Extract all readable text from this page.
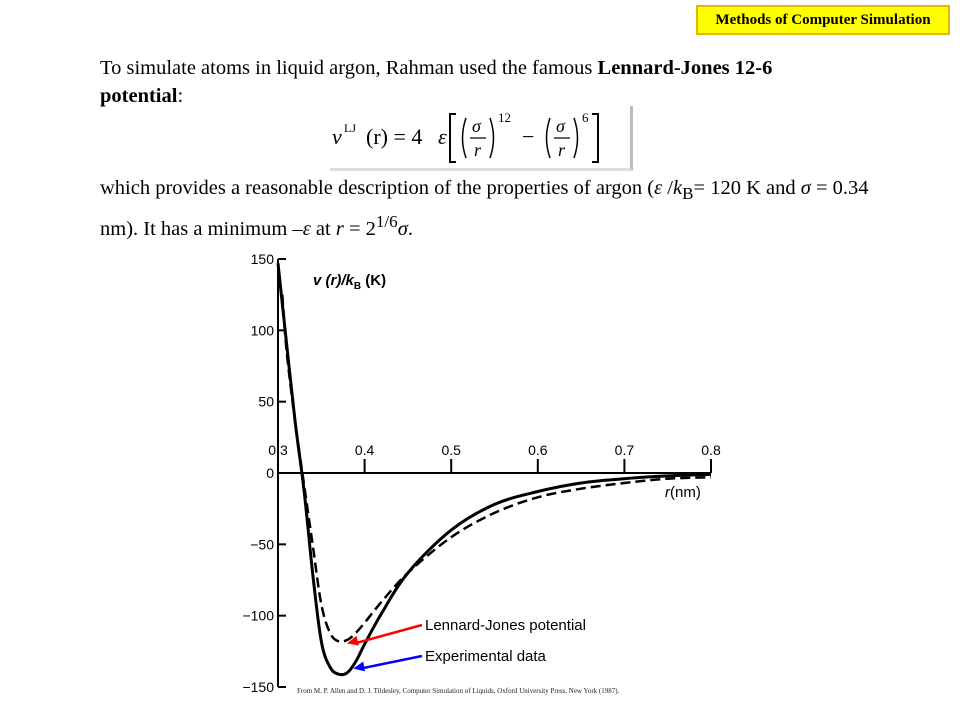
Methods of Computer Simulation

To simulate atoms in liquid argon, Rahman used the famous Lennard-Jones 12-6 potential:

v LJ (r) = 4 ε σ
r
12
− σ
r
6

which provides a reasonable description of the properties of argon (ε $/k_B= 120$ K and σ = 0.34 nm). It has a minimum –ε at $r = 2^{1/6}\sigma$.

150
100
50
0
−50
−100
−150
0.3	0.4	0.5	0.6	0.7	0.8
v $(r)/k_B$ (K)
r(nm)
Lennard-Jones potential
Experimental data
From M. P. Allen and D. J. Tildesley, Computer Simulation of Liquids, Oxford University Press, New York (1987).
